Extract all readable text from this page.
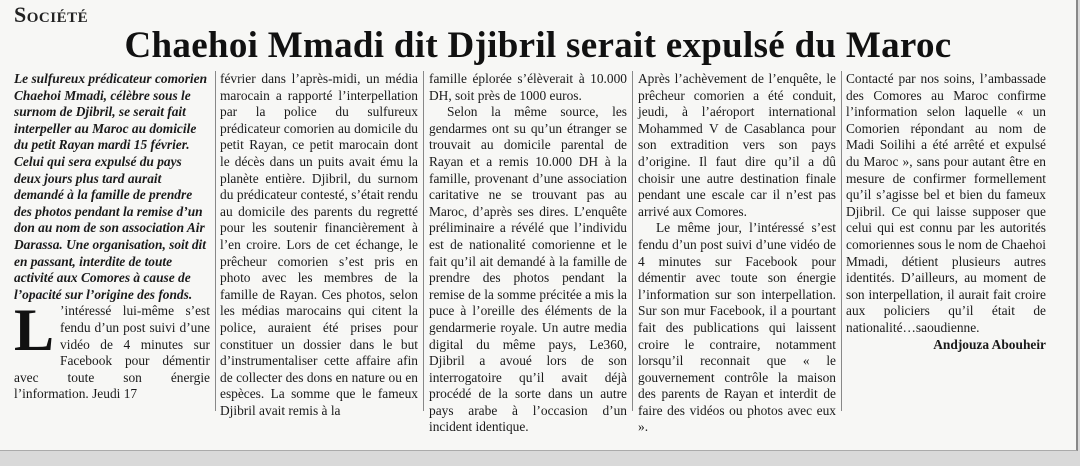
Société
Chaehoi Mmadi dit Djibril serait expulsé du Maroc

Le sulfureux prédicateur comorien Chaehoi Mmadi, célèbre sous le surnom de Djibril, se serait fait interpeller au Maroc au domicile du petit Rayan mardi 15 février. Celui qui sera expulsé du pays deux jours plus tard aurait demandé à la famille de prendre des photos pendant la remise d’un don au nom de son association Air Darassa. Une organisation, soit dit en passant, interdite de toute activité aux Comores à cause de l’opacité sur l’origine des fonds.

L ’intéressé lui-même s’est fendu d’un post suivi d’une vidéo de 4 minutes sur Facebook pour démentir avec toute son énergie l’information. Jeudi 17

février dans l’après-midi, un média marocain a rapporté l’interpellation par la police du sulfureux prédicateur comorien au domicile du petit Rayan, ce petit marocain dont le décès dans un puits avait ému la planète entière. Djibril, du surnom du prédicateur contesté, s’était rendu au domicile des parents du regretté pour les soutenir financièrement à l’en croire. Lors de cet échange, le prêcheur comorien s’est pris en photo avec les membres de la famille de Rayan. Ces photos, selon les médias marocains qui citent la police, auraient été prises pour constituer un dossier dans le but d’instrumentaliser cette affaire afin de collecter des dons en nature ou en espèces. La somme que le fameux Djibril avait remis à la

famille éplorée s’élèverait à 10.000 DH, soit près de 1000 euros.

Selon la même source, les gendarmes ont su qu’un étranger se trouvait au domicile parental de Rayan et a remis 10.000 DH à la famille, provenant d’une association caritative ne se trouvant pas au Maroc, d’après ses dires. L’enquête préliminaire a révélé que l’individu est de nationalité comorienne et le fait qu’il ait demandé à la famille de prendre des photos pendant la remise de la somme précitée a mis la puce à l’oreille des éléments de la gendarmerie royale. Un autre media digital du même pays, Le360, Djibril a avoué lors de son interrogatoire qu’il avait déjà procédé de la sorte dans un autre pays arabe à l’occasion d’un incident identique.

Après l’achèvement de l’enquête, le prêcheur comorien a été conduit, jeudi, à l’aéroport international Mohammed V de Casablanca pour son extradition vers son pays d’origine. Il faut dire qu’il a dû choisir une autre destination finale pendant une escale car il n’est pas arrivé aux Comores.

Le même jour, l’intéressé s’est fendu d’un post suivi d’une vidéo de 4 minutes sur Facebook pour démentir avec toute son énergie l’information sur son interpellation. Sur son mur Facebook, il a pourtant fait des publications qui laissent croire le contraire, notamment lorsqu’il reconnait que « le gouvernement contrôle la maison des parents de Rayan et interdit de faire des vidéos ou photos avec eux ».

Contacté par nos soins, l’ambassade des Comores au Maroc confirme l’information selon laquelle « un Comorien répondant au nom de Madi Soilihi a été arrêté et expulsé du Maroc », sans pour autant être en mesure de confirmer formellement qu’il s’agisse bel et bien du fameux Djibril. Ce qui laisse supposer que celui qui est connu par les autorités comoriennes sous le nom de Chaehoi Mmadi, détient plusieurs autres identités. D’ailleurs, au moment de son interpellation, il aurait fait croire aux policiers qu’il était de nationalité…saoudienne.

Andjouza Abouheir
